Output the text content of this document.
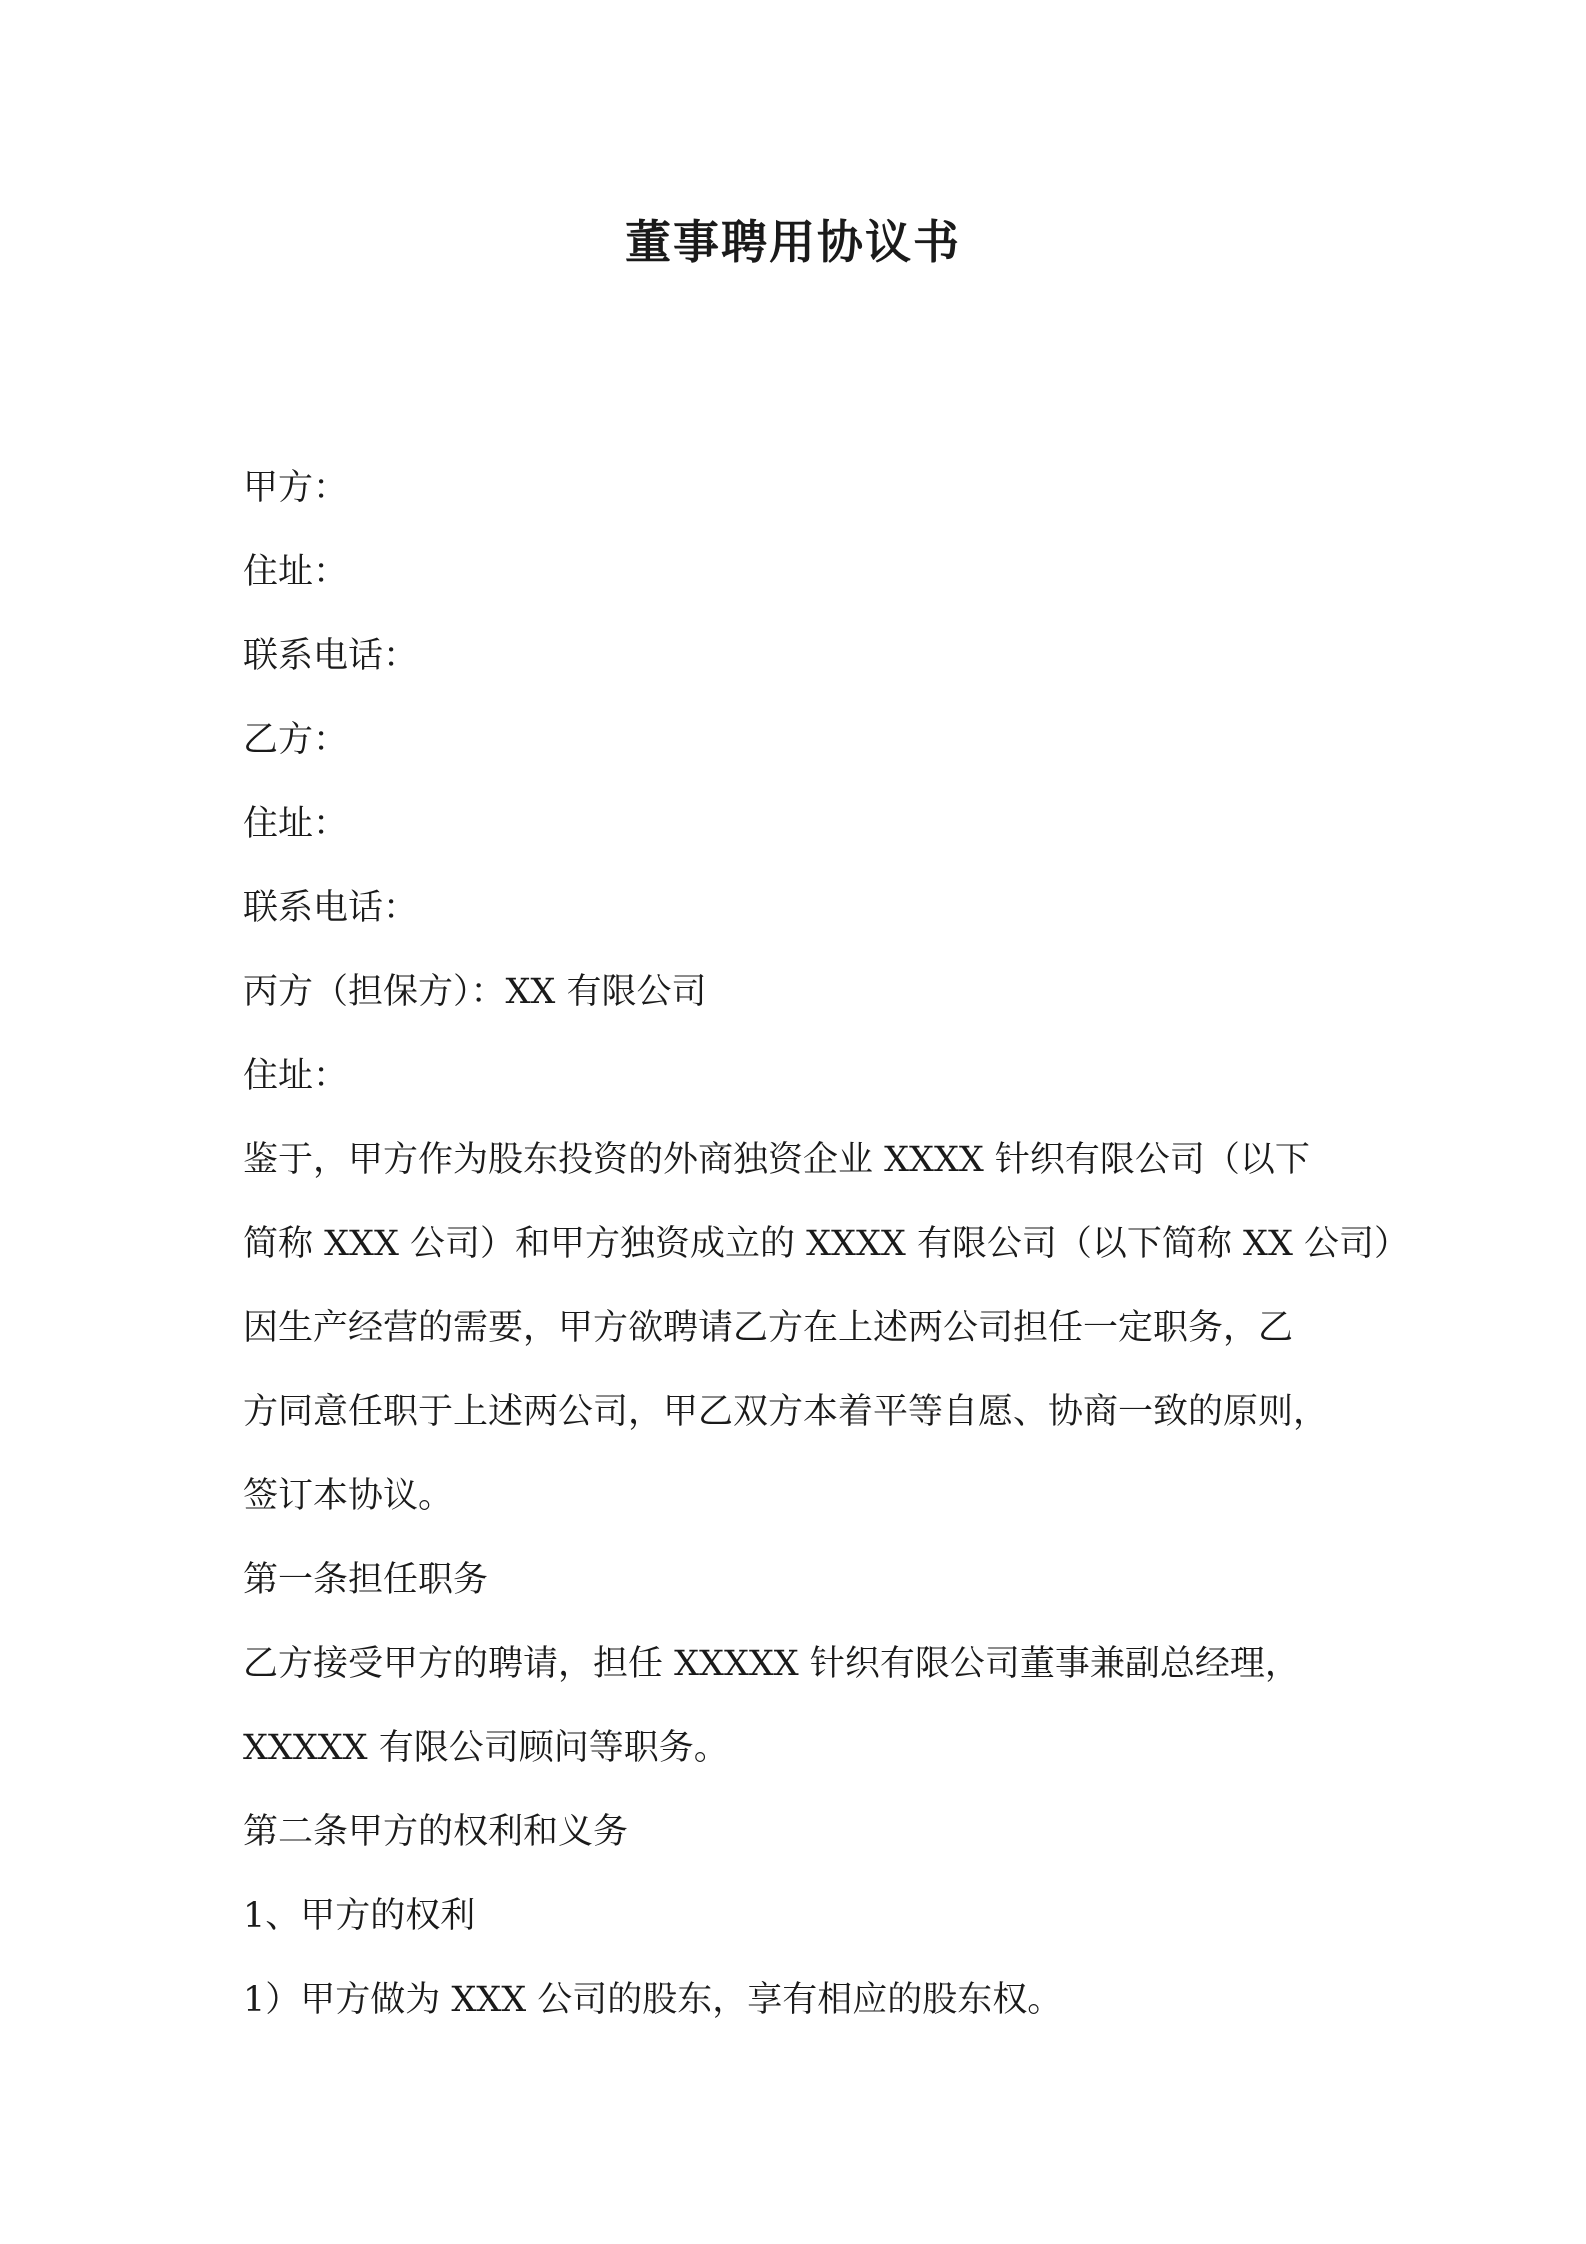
董事聘用协议书

甲方：

住址：

联系电话：

乙方：

住址：

联系电话：

丙方（担保方）：XX 有限公司

住址：

鉴于，甲方作为股东投资的外商独资企业 XXXX 针织有限公司（以下

简称 XXX 公司）和甲方独资成立的 XXXX 有限公司（以下简称 XX 公司）

因生产经营的需要，甲方欲聘请乙方在上述两公司担任一定职务，乙

方同意任职于上述两公司，甲乙双方本着平等自愿、协商一致的原则，

签订本协议。

第一条担任职务

乙方接受甲方的聘请，担任 XXXXX 针织有限公司董事兼副总经理，

XXXXX 有限公司顾问等职务。

第二条甲方的权利和义务

1、甲方的权利

1）甲方做为 XXX 公司的股东，享有相应的股东权。
